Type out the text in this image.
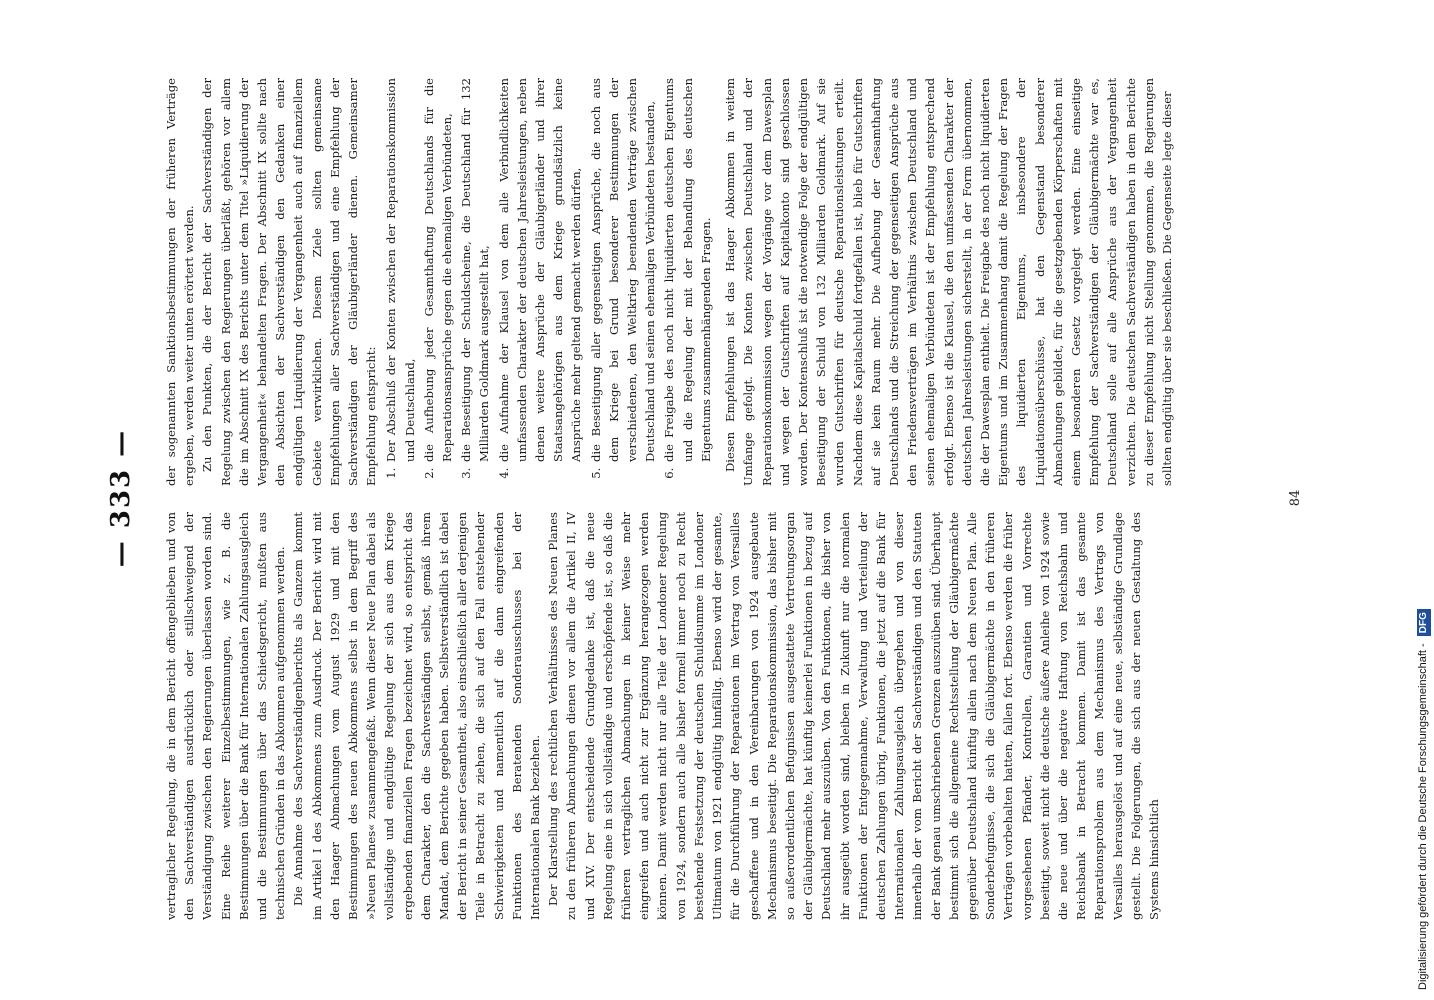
— 333 —

vertraglicher Regelung, die in dem Bericht offengeblieben und von den Sachverständigen ausdrücklich oder stillschweigend der Verständigung zwischen den Regierungen überlassen worden sind. Eine Reihe weiterer Einzelbestimmungen, wie z. B. die Bestimmungen über die Bank für Internationalen Zahlungsausgleich und die Bestimmungen über das Schiedsgericht, mußten aus technischen Gründen in das Abkommen aufgenommen werden. Die Annahme des Sachverständigenberichts als Ganzem kommt im Artikel I des Abkommens zum Ausdruck. Der Bericht wird mit den Haager Abmachungen vom August 1929 und mit den Bestimmungen des neuen Abkommens selbst in dem Begriff des »Neuen Planes« zusammengefaßt. Wenn dieser Neue Plan dabei als vollständige und endgültige Regelung der sich aus dem Kriege ergebenden finanziellen Fragen bezeichnet wird, so entspricht das dem Charakter, den die Sachverständigen selbst, gemäß ihrem Mandat, dem Berichte gegeben haben. Selbstverständlich ist dabei der Bericht in seiner Gesamtheit, also einschließlich aller derjenigen Teile in Betracht zu ziehen, die sich auf den Fall entstehender Schwierigkeiten und namentlich auf die dann eingreifenden Funktionen des Beratenden Sonderausschusses bei der Internationalen Bank beziehen. Der Klarstellung des rechtlichen Verhältnisses des Neuen Planes zu den früheren Abmachungen dienen vor allem die Artikel II, IV und XIV. Der entscheidende Grundgedanke ist, daß die neue Regelung eine in sich vollständige und erschöpfende ist, so daß die früheren vertraglichen Abmachungen in keiner Weise mehr eingreifen und auch nicht zur Ergänzung herangezogen werden können. Damit werden nicht nur alle Teile der Londoner Regelung von 1924, sondern auch alle bisher formell immer noch zu Recht bestehende Festsetzung der deutschen Schuldsumme im Londoner Ultimatum von 1921 endgültig hinfällig. Ebenso wird der gesamte, für die Durchführung der Reparationen im Vertrag von Versailles geschaffene und in den Vereinbarungen von 1924 ausgebaute Mechanismus beseitigt. Die Reparationskommission, das bisher mit so außerordentlichen Befugnissen ausgestattete Vertretungsorgan der Gläubigermächte, hat künftig keinerlei Funktionen in bezug auf Deutschland mehr auszuüben. Von den Funktionen, die bisher von ihr ausgeübt worden sind, bleiben in Zukunft nur die normalen Funktionen der Entgegennahme, Verwaltung und Verteilung der deutschen Zahlungen übrig, Funktionen, die jetzt auf die Bank für Internationalen Zahlungsausgleich übergehen und von dieser innerhalb der vom Bericht der Sachverständigen und den Statuten der Bank genau umschriebenen Grenzen auszuüben sind. Überhaupt bestimmt sich die allgemeine Rechtsstellung der Gläubigermächte gegenüber Deutschland künftig allein nach dem Neuen Plan. Alle Sonderbefugnisse, die sich die Gläubigermächte in den früheren Verträgen vorbehalten hatten, fallen fort. Ebenso werden die früher vorgesehenen Pfänder, Kontrollen, Garantien und Vorrechte beseitigt, soweit nicht die deutsche äußere Anleihe von 1924 sowie die neue und über die negative Haftung von Reichsbahn und Reichsbank in Betracht kommen. Damit ist das gesamte Reparationsproblem aus dem Mechanismus des Vertrags von Versailles herausgelöst und auf eine neue, selbständige Grundlage gestellt. Die Folgerungen, die sich aus der neuen Gestaltung des Systems hinsichtlich

der sogenannten Sanktionsbestimmungen der früheren Verträge ergeben, werden weiter unten erörtert werden. Zu den Punkten, die der Bericht der Sachverständigen der Regelung zwischen den Regierungen überläßt, gehören vor allem die im Abschnitt IX des Berichts unter dem Titel »Liquidierung der Vergangenheit« behandelten Fragen. Der Abschnitt IX sollte nach den Absichten der Sachverständigen den Gedanken einer endgültigen Liquidierung der Vergangenheit auch auf finanziellem Gebiete verwirklichen. Diesem Ziele sollten gemeinsame Empfehlungen aller Sachverständigen und eine Empfehlung der Sachverständigen der Gläubigerländer dienen. Gemeinsamer Empfehlung entspricht: 1. Der Abschluß der Konten zwischen der Reparationskommission und Deutschland, 2. die Aufhebung jeder Gesamthaftung Deutschlands für die Reparationsansprüche gegen die ehemaligen Verbündeten, 3. die Beseitigung der Schuldscheine, die Deutschland für 132 Milliarden Goldmark ausgestellt hat, 4. die Aufnahme der Klausel von dem alle Verbindlichkeiten umfassenden Charakter der deutschen Jahresleistungen, neben denen weitere Ansprüche der Gläubigerländer und ihrer Staatsangehörigen aus dem Kriege grundsätzlich keine Ansprüche mehr geltend gemacht werden dürfen, 5. die Beseitigung aller gegenseitigen Ansprüche, die noch aus dem Kriege bei Grund besonderer Bestimmungen der verschiedenen, den Weltkrieg beendenden Verträge zwischen Deutschland und seinen ehemaligen Verbündeten bestanden, 6. die Freigabe des noch nicht liquidierten deutschen Eigentums und die Regelung der mit der Behandlung des deutschen Eigentums zusammenhängenden Fragen. Diesen Empfehlungen ist das Haager Abkommen in weitem Umfange gefolgt. Die Konten zwischen Deutschland und der Reparationskommission wegen der Vorgänge vor dem Dawesplan und wegen der Gutschriften auf Kapitalkonto sind geschlossen worden. Der Kontenschluß ist die notwendige Folge der endgültigen Beseitigung der Schuld von 132 Milliarden Goldmark. Auf sie wurden Gutschriften für deutsche Reparationsleistungen erteilt. Nachdem diese Kapitalschuld fortgefallen ist, blieb für Gutschriften auf sie kein Raum mehr. Die Aufhebung der Gesamthaftung Deutschlands und die Streichung der gegenseitigen Ansprüche aus den Friedensverträgen im Verhältnis zwischen Deutschland und seinen ehemaligen Verbündeten ist der Empfehlung entsprechend erfolgt. Ebenso ist die Klausel, die den umfassenden Charakter der deutschen Jahresleistungen sicherstellt, in der Form übernommen, die der Dawesplan enthielt. Die Freigabe des noch nicht liquidierten Eigentums und im Zusammenhang damit die Regelung der Fragen des liquidierten Eigentums, insbesondere der Liquidationsüberschüsse, hat den Gegenstand besonderer Abmachungen gebildet, für die gesetzgebenden Körperschaften mit einem besonderen Gesetz vorgelegt werden. Eine einseitige Empfehlung der Sachverständigen der Gläubigermächte war es, Deutschland solle auf alle Ansprüche aus der Vergangenheit verzichten. Die deutschen Sachverständigen haben in dem Berichte zu dieser Empfehlung nicht Stellung genommen, die Regierungen sollten endgültig über sie beschließen. Die Gegenseite legte dieser

84
Digitalisierung gefördert durch die Deutsche Forschungsgemeinschaft - DFG
